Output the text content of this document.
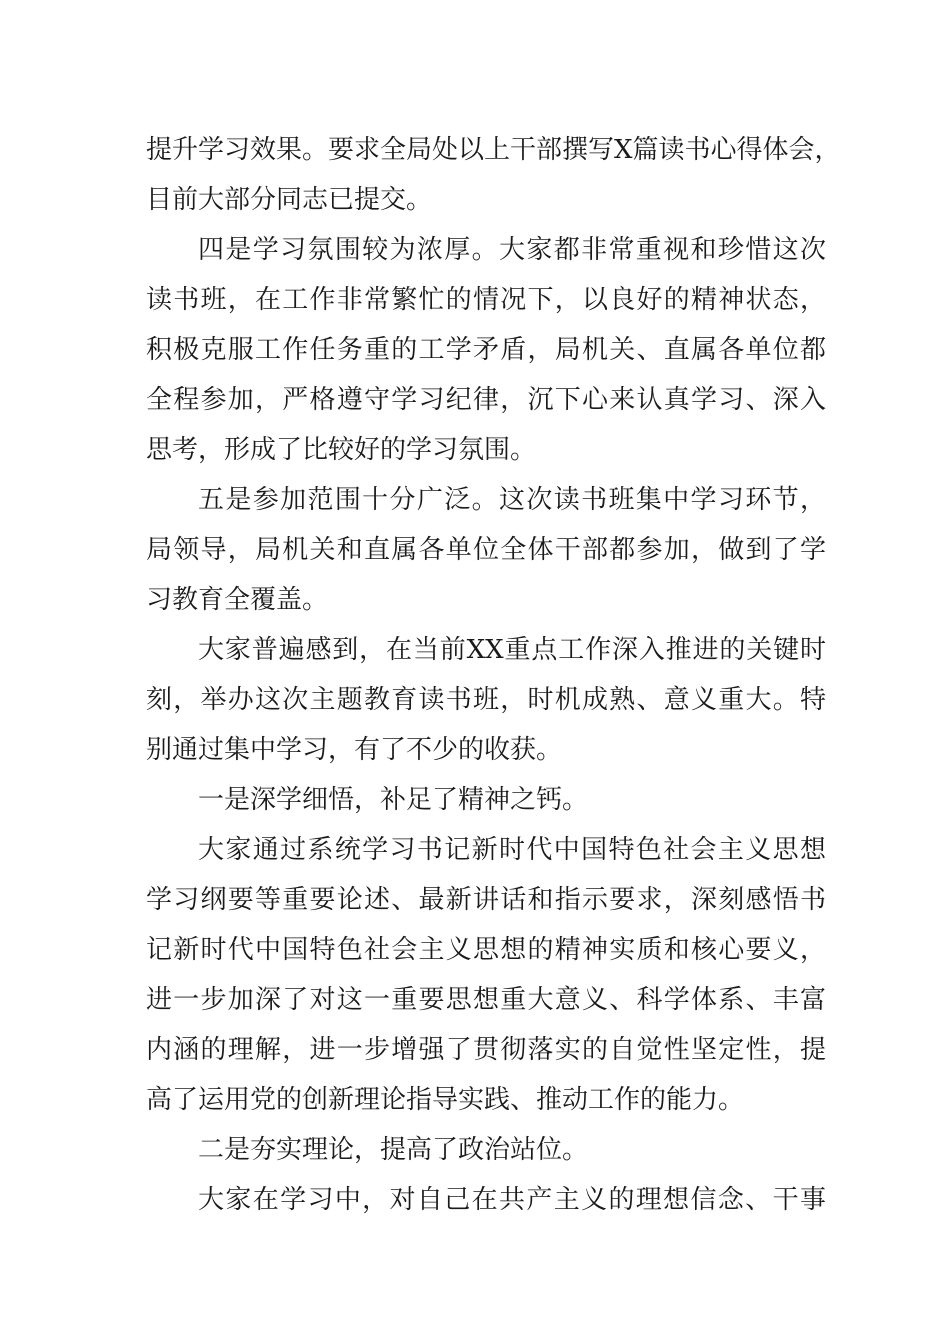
提升学习效果。要求全局处以上干部撰写X篇读书心得体会，

目前大部分同志已提交。

四是学习氛围较为浓厚。大家都非常重视和珍惜这次

读书班，在工作非常繁忙的情况下，以良好的精神状态，

积极克服工作任务重的工学矛盾，局机关、直属各单位都

全程参加，严格遵守学习纪律，沉下心来认真学习、深入

思考，形成了比较好的学习氛围。

五是参加范围十分广泛。这次读书班集中学习环节，

局领导，局机关和直属各单位全体干部都参加，做到了学

习教育全覆盖。

大家普遍感到，在当前XX重点工作深入推进的关键时

刻，举办这次主题教育读书班，时机成熟、意义重大。特

别通过集中学习，有了不少的收获。

一是深学细悟，补足了精神之钙。

大家通过系统学习书记新时代中国特色社会主义思想

学习纲要等重要论述、最新讲话和指示要求，深刻感悟书

记新时代中国特色社会主义思想的精神实质和核心要义，

进一步加深了对这一重要思想重大意义、科学体系、丰富

内涵的理解，进一步增强了贯彻落实的自觉性坚定性，提

高了运用党的创新理论指导实践、推动工作的能力。

二是夯实理论，提高了政治站位。

大家在学习中，对自己在共产主义的理想信念、干事
